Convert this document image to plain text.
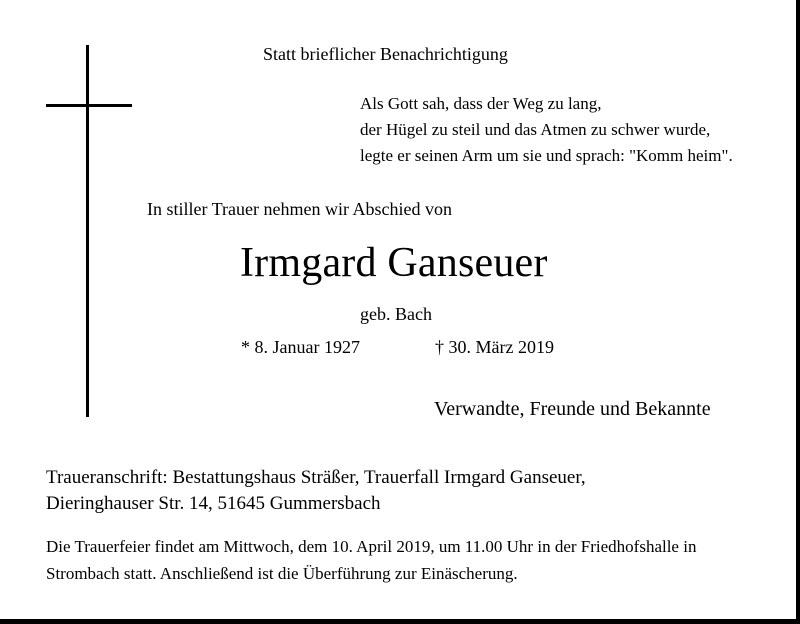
Statt brieflicher Benachrichtigung
Als Gott sah, dass der Weg zu lang,
der Hügel zu steil und das Atmen zu schwer wurde,
legte er seinen Arm um sie und sprach: "Komm heim".
In stiller Trauer nehmen wir Abschied von
Irmgard Ganseuer
geb. Bach
* 8. Januar 1927	† 30. März 2019
Verwandte, Freunde und Bekannte
Traueranschrift: Bestattungshaus Sträßer, Trauerfall Irmgard Ganseuer,
Dieringhauser Str. 14, 51645 Gummersbach
Die Trauerfeier findet am Mittwoch, dem 10. April 2019, um 11.00 Uhr in der Friedhofshalle in
Strombach statt. Anschließend ist die Überführung zur Einäscherung.
